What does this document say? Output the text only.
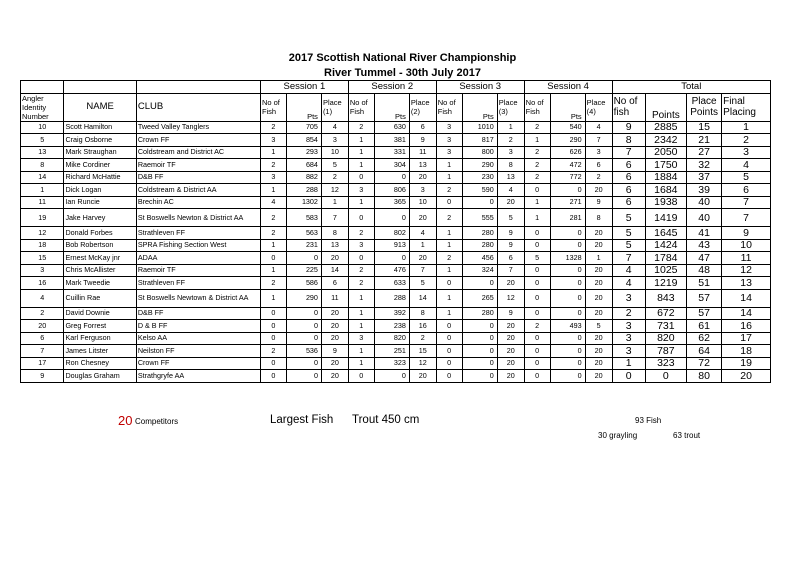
2017 Scottish National River Championship
River Tummel - 30th July 2017
			Session 1			Session 2			Session 3			Session 4			Total			
Angler Identity Number	NAME	CLUB	No of Fish	Pts	Place (1)	No of Fish	Pts	Place (2)	No of Fish	Pts	Place (3)	No of Fish	Pts	Place (4)	No of fish	Points	Place Points	Final Placing
10	Scott Hamilton	Tweed Valley Tanglers	2	705	4	2	630	6	3	1010	1	2	540	4	9	2885	15	1
5	Craig Osborne	Crown FF	3	854	3	1	381	9	3	817	2	1	290	7	8	2342	21	2
13	Mark Straughan	Coldstream and District AC	1	293	10	1	331	11	3	800	3	2	626	3	7	2050	27	3
8	Mike Cordiner	Raemoir TF	2	684	5	1	304	13	1	290	8	2	472	6	6	1750	32	4
14	Richard McHattie	D&B FF	3	882	2	0	0	20	1	230	13	2	772	2	6	1884	37	5
1	Dick Logan	Coldstream & District AA	1	288	12	3	806	3	2	590	4	0	0	20	6	1684	39	6
11	Ian Runcie	Brechin AC	4	1302	1	1	365	10	0	0	20	1	271	9	6	1938	40	7
19	Jake Harvey	St Boswells Newton & District AA	2	583	7	0	0	20	2	555	5	1	281	8	5	1419	40	7
12	Donald Forbes	Strathleven FF	2	563	8	2	802	4	1	280	9	0	0	20	5	1645	41	9
18	Bob Robertson	SPRA Fishing Section West	1	231	13	3	913	1	1	280	9	0	0	20	5	1424	43	10
15	Ernest McKay jnr	ADAA	0	0	20	0	0	20	2	456	6	5	1328	1	7	1784	47	11
3	Chris McAllister	Raemoir TF	1	225	14	2	476	7	1	324	7	0	0	20	4	1025	48	12
16	Mark Tweedie	Strathleven FF	2	586	6	2	633	5	0	0	20	0	0	20	4	1219	51	13
4	Cuillin Rae	St Boswells Newtown & District AA	1	290	11	1	288	14	1	265	12	0	0	20	3	843	57	14
2	David Downie	D&B FF	0	0	20	1	392	8	1	280	9	0	0	20	2	672	57	14
20	Greg Forrest	D & B FF	0	0	20	1	238	16	0	0	20	2	493	5	3	731	61	16
6	Karl Ferguson	Kelso AA	0	0	20	3	820	2	0	0	20	0	0	20	3	820	62	17
7	James Litster	Neilston FF	2	536	9	1	251	15	0	0	20	0	0	20	3	787	64	18
17	Ron Chesney	Crown FF	0	0	20	1	323	12	0	0	20	0	0	20	1	323	72	19
9	Douglas Graham	Strathgryfe AA	0	0	20	0	0	20	0	0	20	0	0	20	0	0	80	20
20 Competitors	Largest Fish Trout 450 cm	93 Fish
30 grayling	63 trout
